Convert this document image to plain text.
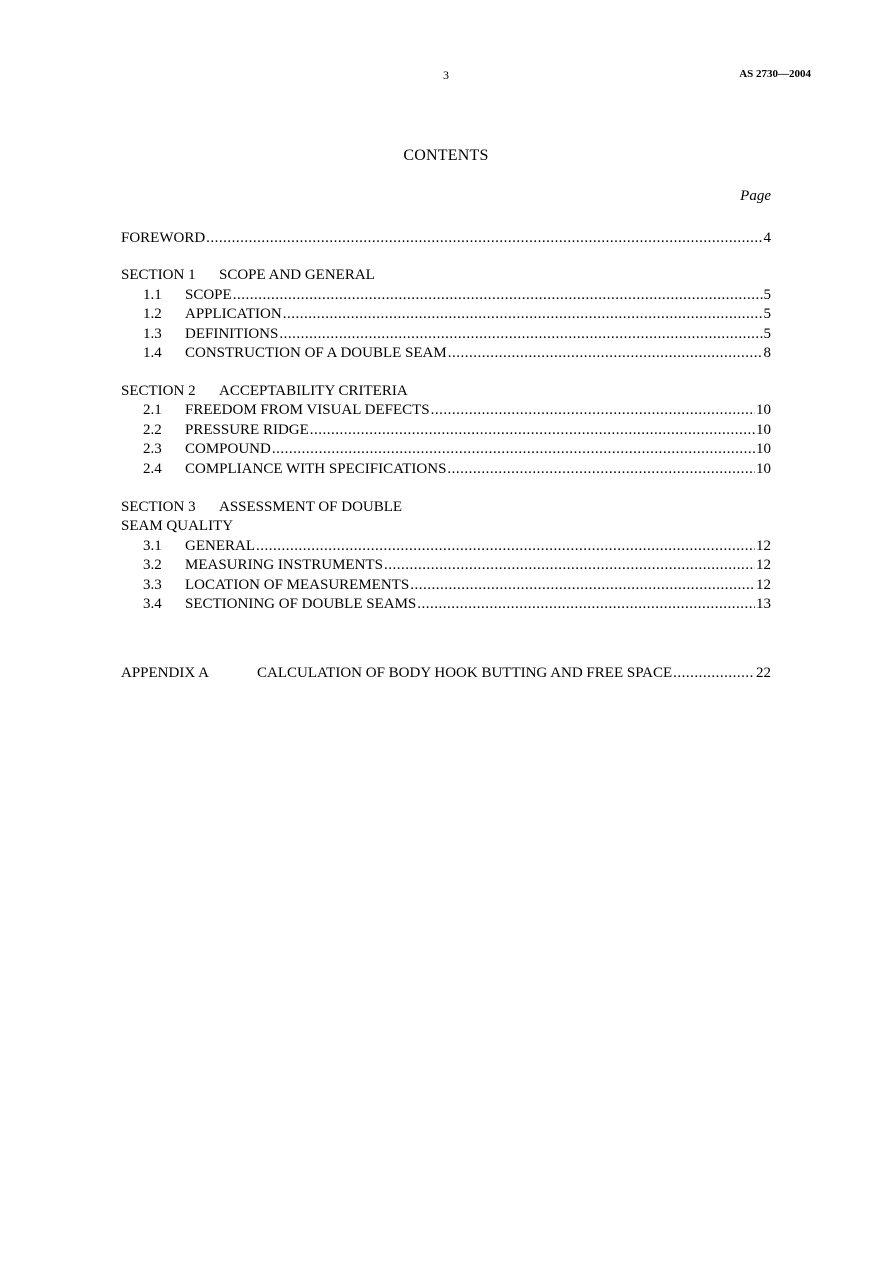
3	AS 2730—2004
CONTENTS
Page
FOREWORD .....	4
SECTION 1 SCOPE AND GENERAL
1.1	SCOPE .....	5
1.2	APPLICATION .....	5
1.3	DEFINITIONS .....	5
1.4	CONSTRUCTION OF A DOUBLE SEAM .....	8
SECTION 2 ACCEPTABILITY CRITERIA
2.1	FREEDOM FROM VISUAL DEFECTS .....	10
2.2	PRESSURE RIDGE .....	10
2.3	COMPOUND .....	10
2.4	COMPLIANCE WITH SPECIFICATIONS .....	10
SECTION 3 ASSESSMENT OF DOUBLE
SEAM QUALITY
3.1	GENERAL .....	12
3.2	MEASURING INSTRUMENTS .....	12
3.3	LOCATION OF MEASUREMENTS .....	12
3.4	SECTIONING OF DOUBLE SEAMS .....	13
APPENDIX A	CALCULATION OF BODY HOOK BUTTING AND FREE SPACE .....	22
